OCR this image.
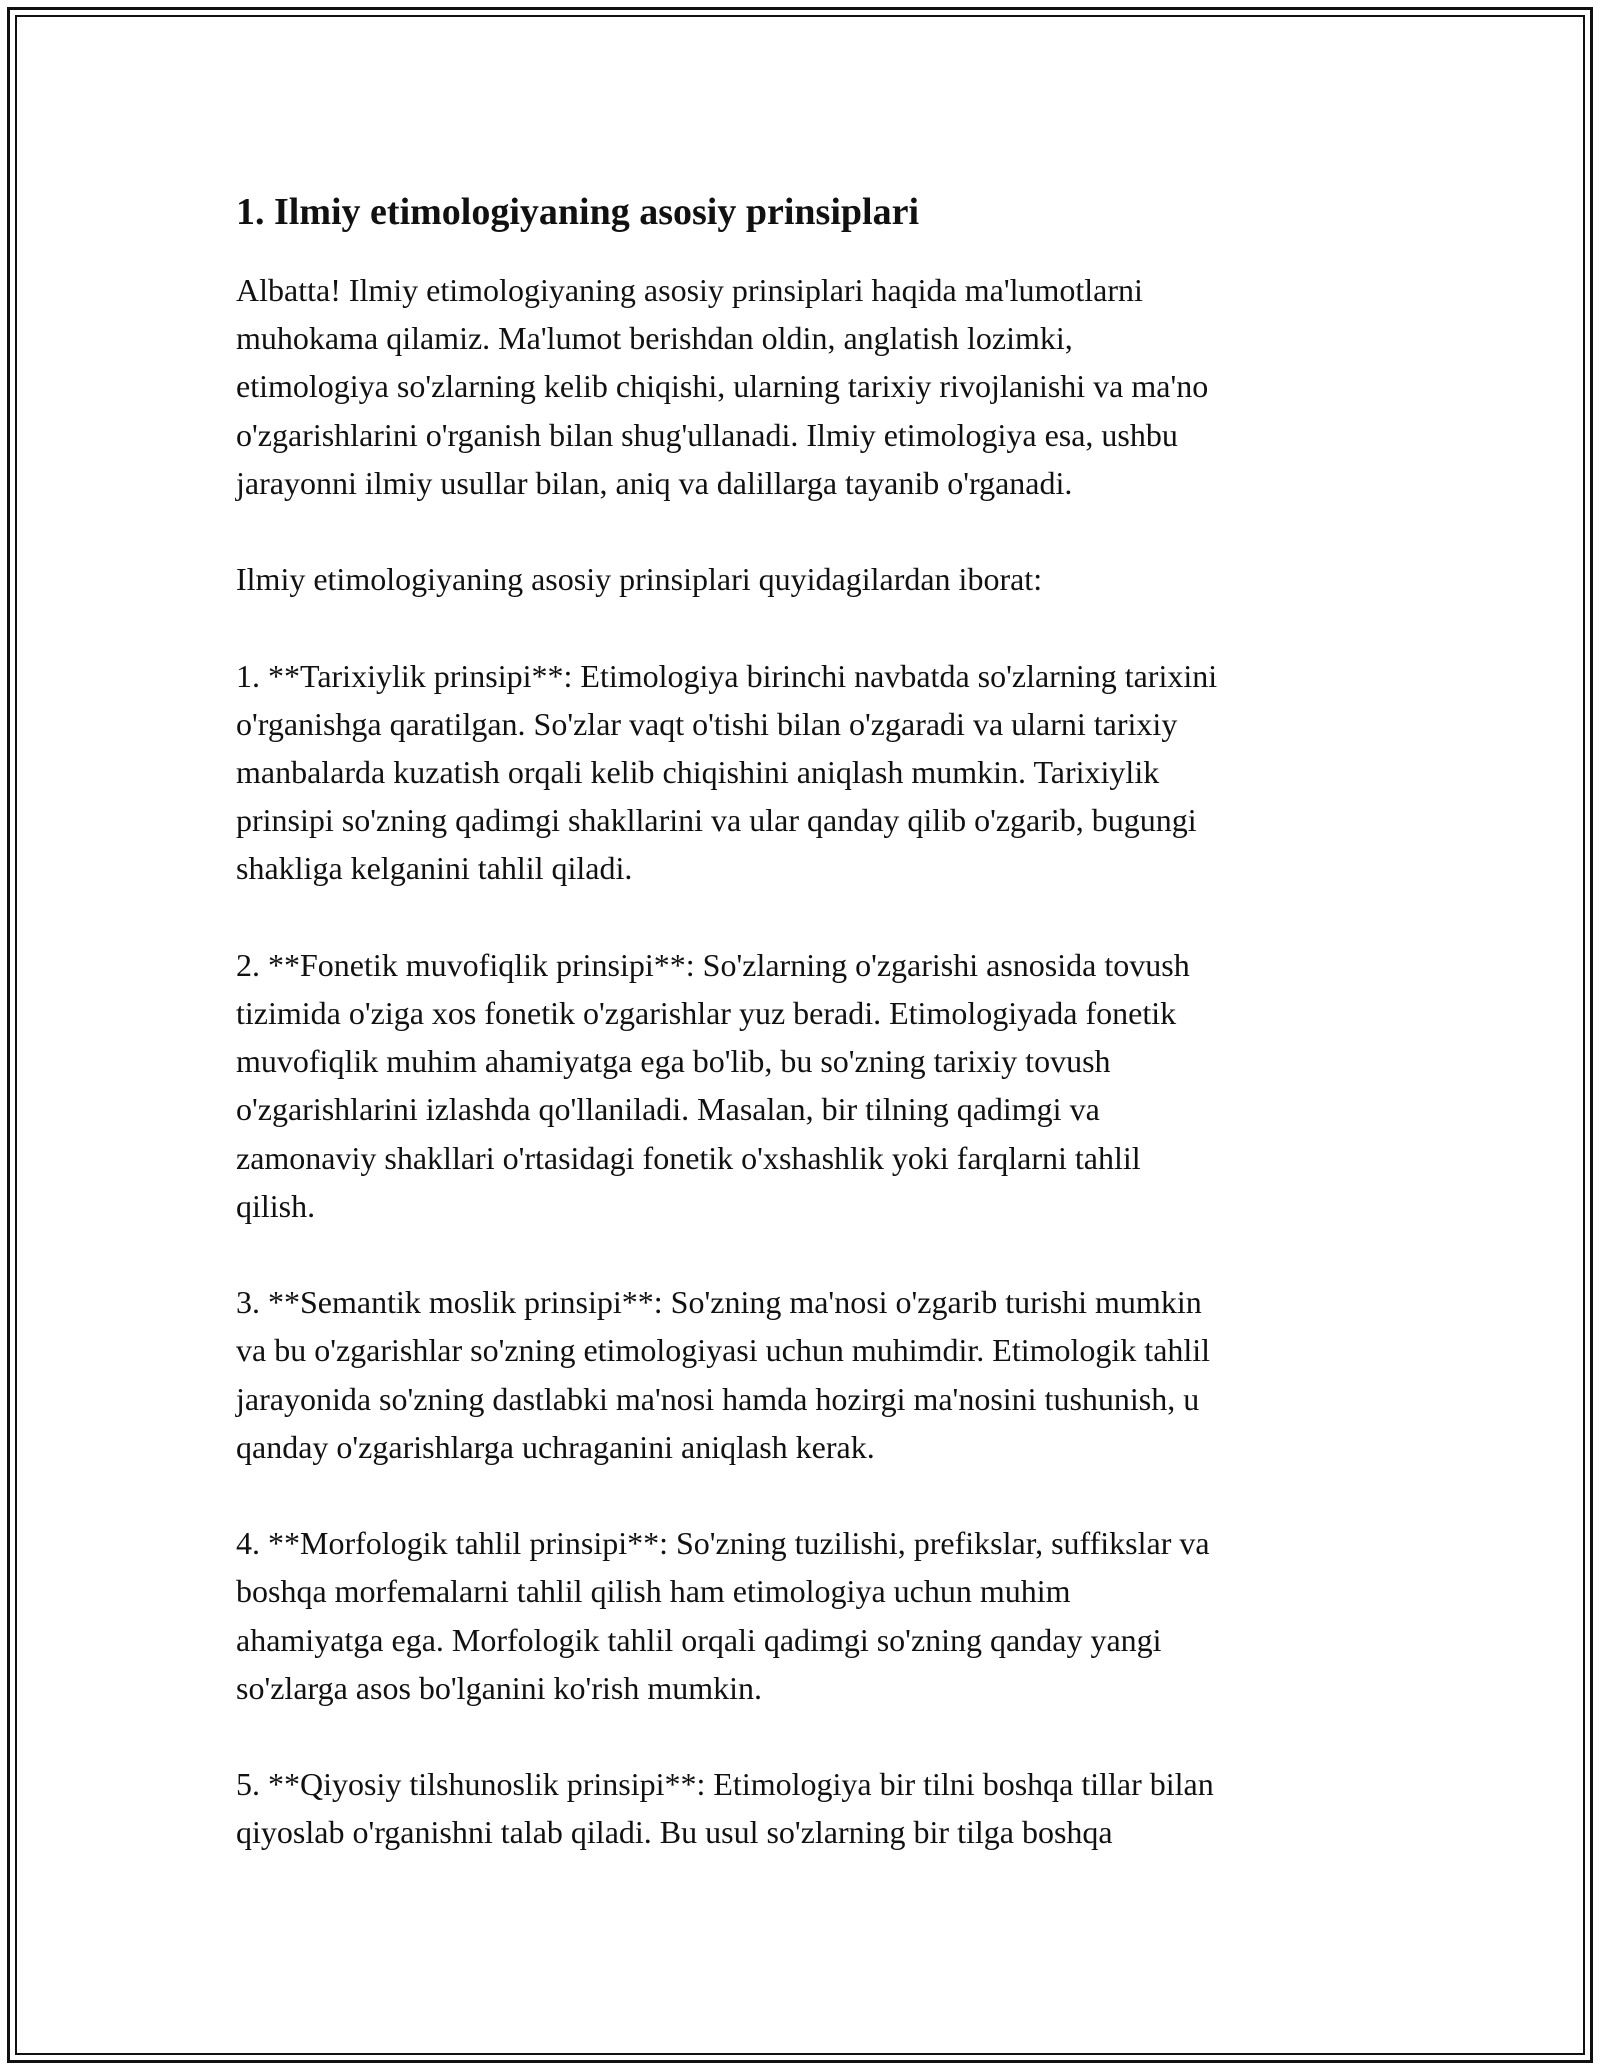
1. Ilmiy etimologiyaning asosiy prinsiplari

Albatta! Ilmiy etimologiyaning asosiy prinsiplari haqida ma'lumotlarni
muhokama qilamiz. Ma'lumot berishdan oldin, anglatish lozimki,
etimologiya so'zlarning kelib chiqishi, ularning tarixiy rivojlanishi va ma'no
o'zgarishlarini o'rganish bilan shug'ullanadi. Ilmiy etimologiya esa, ushbu
jarayonni ilmiy usullar bilan, aniq va dalillarga tayanib o'rganadi.

Ilmiy etimologiyaning asosiy prinsiplari quyidagilardan iborat:

1. **Tarixiylik prinsipi**: Etimologiya birinchi navbatda so'zlarning tarixini
o'rganishga qaratilgan. So'zlar vaqt o'tishi bilan o'zgaradi va ularni tarixiy
manbalarda kuzatish orqali kelib chiqishini aniqlash mumkin. Tarixiylik
prinsipi so'zning qadimgi shakllarini va ular qanday qilib o'zgarib, bugungi
shakliga kelganini tahlil qiladi.

2. **Fonetik muvofiqlik prinsipi**: So'zlarning o'zgarishi asnosida tovush
tizimida o'ziga xos fonetik o'zgarishlar yuz beradi. Etimologiyada fonetik
muvofiqlik muhim ahamiyatga ega bo'lib, bu so'zning tarixiy tovush
o'zgarishlarini izlashda qo'llaniladi. Masalan, bir tilning qadimgi va
zamonaviy shakllari o'rtasidagi fonetik o'xshashlik yoki farqlarni tahlil
qilish.

3. **Semantik moslik prinsipi**: So'zning ma'nosi o'zgarib turishi mumkin
va bu o'zgarishlar so'zning etimologiyasi uchun muhimdir. Etimologik tahlil
jarayonida so'zning dastlabki ma'nosi hamda hozirgi ma'nosini tushunish, u
qanday o'zgarishlarga uchraganini aniqlash kerak.

4. **Morfologik tahlil prinsipi**: So'zning tuzilishi, prefikslar, suffikslar va
boshqa morfemalarni tahlil qilish ham etimologiya uchun muhim
ahamiyatga ega. Morfologik tahlil orqali qadimgi so'zning qanday yangi
so'zlarga asos bo'lganini ko'rish mumkin.

5. **Qiyosiy tilshunoslik prinsipi**: Etimologiya bir tilni boshqa tillar bilan
qiyoslab o'rganishni talab qiladi. Bu usul so'zlarning bir tilga boshqa
